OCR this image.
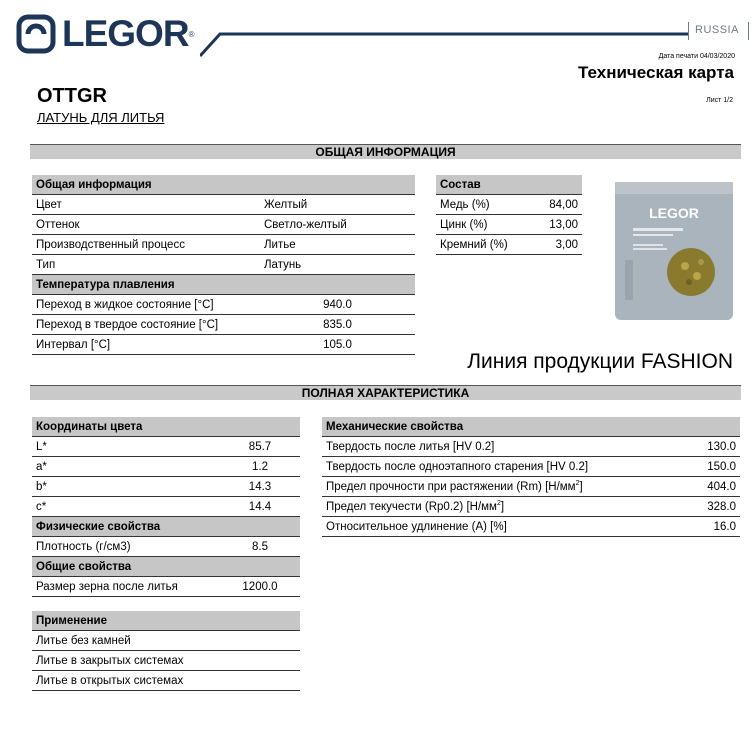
LEGOR ®	RUSSIA
Дата печати 04/03/2020
Техническая карта
Лист 1/2
OTTGR
ЛАТУНЬ ДЛЯ ЛИТЬЯ
ОБЩАЯ ИНФОРМАЦИЯ
Общая информация	
Цвет	Желтый
Оттенок	Светло-желтый
Производственный процесс	Литье
Тип	Латунь
Температура плавления	
Переход в жидкое состояние [°C]	940.0
Переход в твердое состояние [°C]	835.0
Интервал [°C]	105.0
Состав	
Медь (%)	84,00
Цинк (%)	13,00
Кремний (%)	3,00
LEGOR
Линия продукции FASHION
ПОЛНАЯ ХАРАКТЕРИСТИКА
Координаты цвета	
L*	85.7
a*	1.2
b*	14.3
c*	14.4
Физические свойства	
Плотность (г/см3)	8.5
Общие свойства	
Размер зерна после литья	1200.0
Механические свойства	
Твердость после литья [HV 0.2]	130.0
Твердость после одноэтапного старения [HV 0.2]	150.0
Предел прочности при растяжении (Rm) $[Н/мм^2]$	404.0
Предел текучести (Rp0.2) $[Н/мм^2]$	328.0
Относительное удлинение (A) [%]	16.0
Применение
Литье без камней
Литье в закрытых системах
Литье в открытых системах
